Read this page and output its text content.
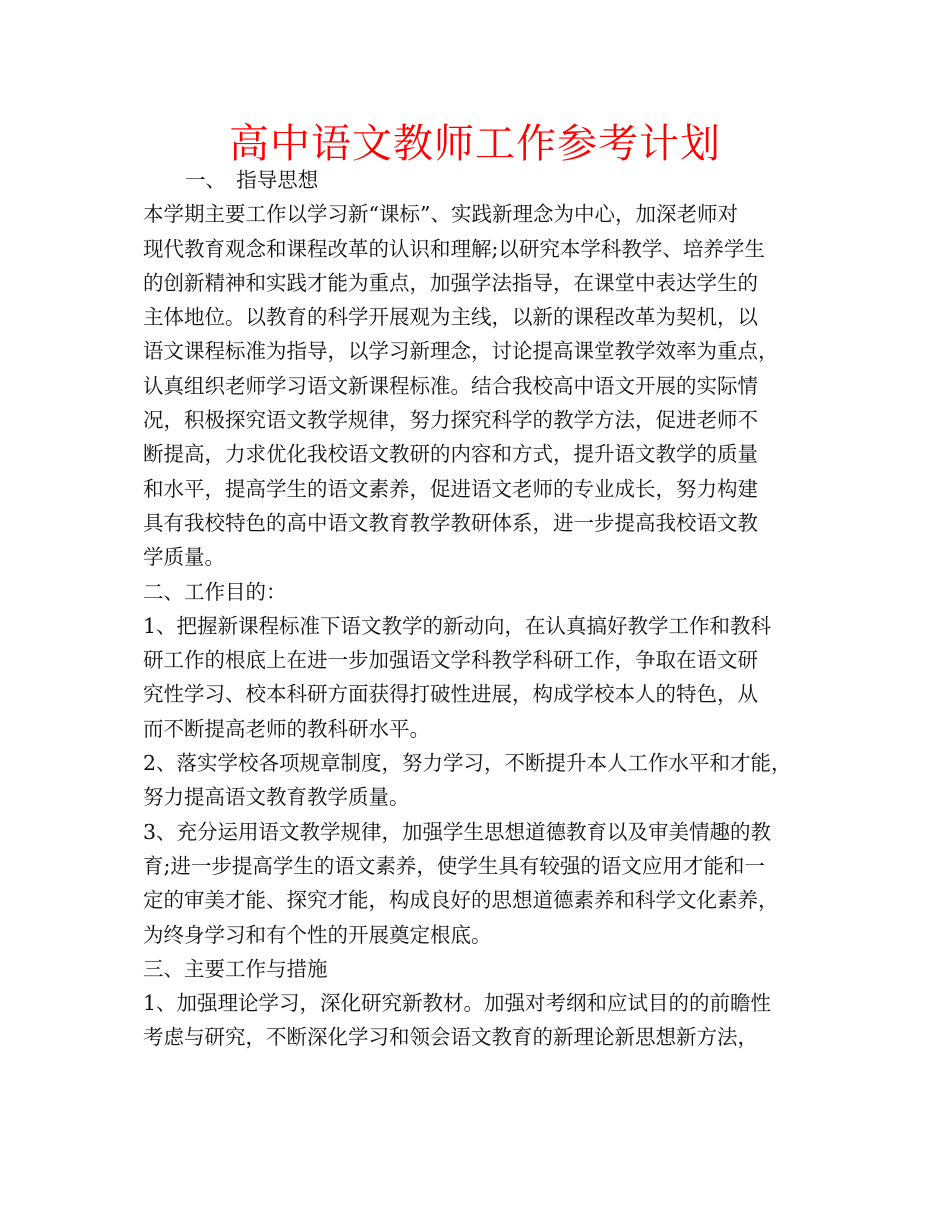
高中语文教师工作参考计划
一、　指导思想
本学期主要工作以学习新“课标”、实践新理念为中心，加深老师对
现代教育观念和课程改革的认识和理解;以研究本学科教学、培养学生
的创新精神和实践才能为重点，加强学法指导，在课堂中表达学生的
主体地位。以教育的科学开展观为主线，以新的课程改革为契机，以
语文课程标准为指导，以学习新理念，讨论提高课堂教学效率为重点，
认真组织老师学习语文新课程标准。结合我校高中语文开展的实际情
况，积极探究语文教学规律，努力探究科学的教学方法，促进老师不
断提高，力求优化我校语文教研的内容和方式，提升语文教学的质量
和水平，提高学生的语文素养，促进语文老师的专业成长，努力构建
具有我校特色的高中语文教育教学教研体系，进一步提高我校语文教
学质量。
二、工作目的：
1、把握新课程标准下语文教学的新动向，在认真搞好教学工作和教科
研工作的根底上在进一步加强语文学科教学科研工作，争取在语文研
究性学习、校本科研方面获得打破性进展，构成学校本人的特色，从
而不断提高老师的教科研水平。
2、落实学校各项规章制度，努力学习，不断提升本人工作水平和才能，
努力提高语文教育教学质量。
3、充分运用语文教学规律，加强学生思想道德教育以及审美情趣的教
育;进一步提高学生的语文素养，使学生具有较强的语文应用才能和一
定的审美才能、探究才能，构成良好的思想道德素养和科学文化素养，
为终身学习和有个性的开展奠定根底。
三、主要工作与措施
1、加强理论学习，深化研究新教材。加强对考纲和应试目的的前瞻性
考虑与研究，不断深化学习和领会语文教育的新理论新思想新方法，
